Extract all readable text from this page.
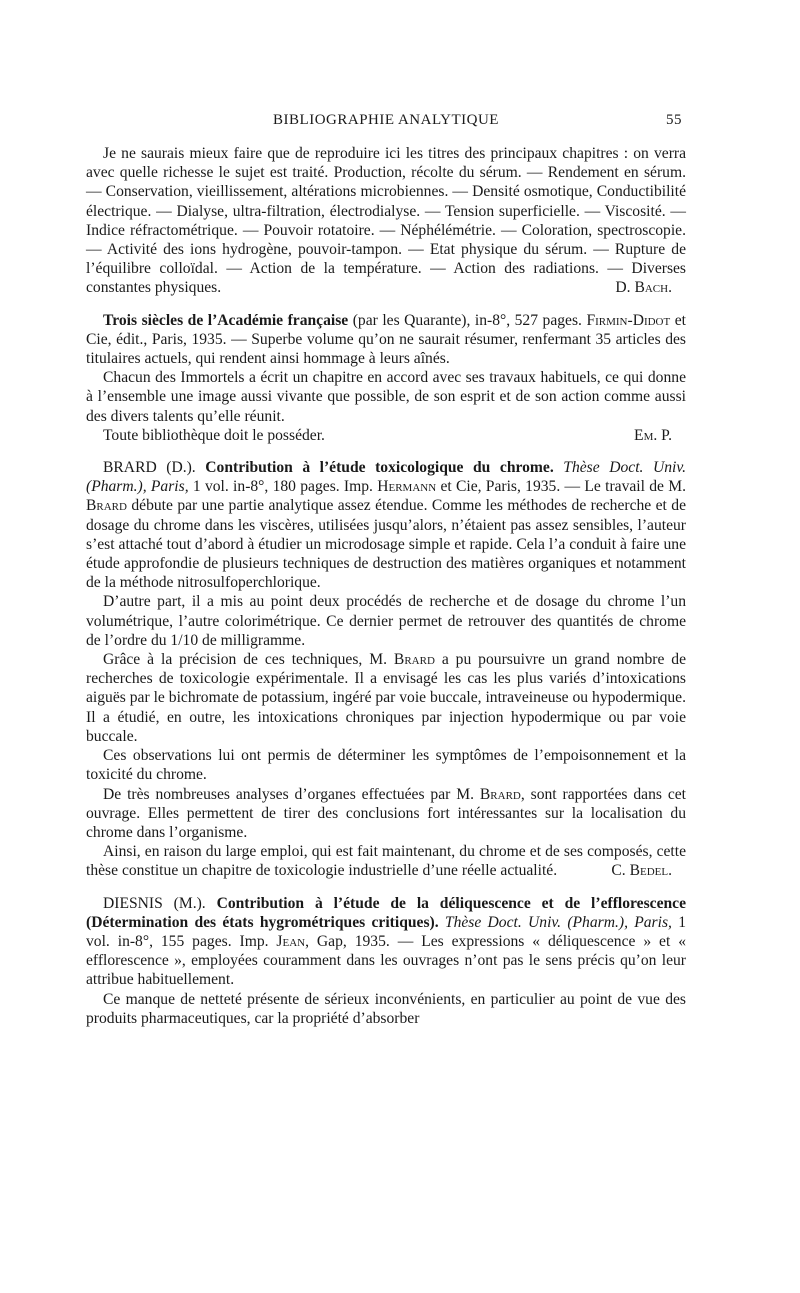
BIBLIOGRAPHIE ANALYTIQUE	55

Je ne saurais mieux faire que de reproduire ici les titres des principaux chapitres : on verra avec quelle richesse le sujet est traité. Production, récolte du sérum. — Rendement en sérum. — Conservation, vieillissement, altérations microbiennes. — Densité osmotique, Conductibilité électrique. — Dialyse, ultra-filtration, électrodialyse. — Tension superficielle. — Viscosité. — Indice réfractométrique. — Pouvoir rotatoire. — Néphélémétrie. — Coloration, spectroscopie. — Activité des ions hydrogène, pouvoir-tampon. — Etat physique du sérum. — Rupture de l’équilibre colloïdal. — Action de la température. — Action des radiations. — Diverses constantes physiques.	D. Bach.

Trois siècles de l’Académie française (par les Quarante), in-8°, 527 pages. Firmin-Didot et Cie, édit., Paris, 1935. — Superbe volume qu’on ne saurait résumer, renfermant 35 articles des titulaires actuels, qui rendent ainsi hommage à leurs aînés.

Chacun des Immortels a écrit un chapitre en accord avec ses travaux habituels, ce qui donne à l’ensemble une image aussi vivante que possible, de son esprit et de son action comme aussi des divers talents qu’elle réunit.

Toute bibliothèque doit le posséder.	Em. P.

BRARD (D.). Contribution à l’étude toxicologique du chrome. Thèse Doct. Univ. (Pharm.), Paris, 1 vol. in-8°, 180 pages. Imp. Hermann et Cie, Paris, 1935. — Le travail de M. Brard débute par une partie analytique assez étendue. Comme les méthodes de recherche et de dosage du chrome dans les viscères, utilisées jusqu’alors, n’étaient pas assez sensibles, l’auteur s’est attaché tout d’abord à étudier un microdosage simple et rapide. Cela l’a conduit à faire une étude approfondie de plusieurs techniques de destruction des matières organiques et notamment de la méthode nitrosulfoperchlorique.

D’autre part, il a mis au point deux procédés de recherche et de dosage du chrome l’un volumétrique, l’autre colorimétrique. Ce dernier permet de retrouver des quantités de chrome de l’ordre du 1/10 de milligramme.

Grâce à la précision de ces techniques, M. Brard a pu poursuivre un grand nombre de recherches de toxicologie expérimentale. Il a envisagé les cas les plus variés d’intoxications aiguës par le bichromate de potassium, ingéré par voie buccale, intraveineuse ou hypodermique. Il a étudié, en outre, les intoxications chroniques par injection hypodermique ou par voie buccale.

Ces observations lui ont permis de déterminer les symptômes de l’empoisonnement et la toxicité du chrome.

De très nombreuses analyses d’organes effectuées par M. Brard, sont rapportées dans cet ouvrage. Elles permettent de tirer des conclusions fort intéressantes sur la localisation du chrome dans l’organisme.

Ainsi, en raison du large emploi, qui est fait maintenant, du chrome et de ses composés, cette thèse constitue un chapitre de toxicologie industrielle d’une réelle actualité.	C. Bedel.

DIESNIS (M.). Contribution à l’étude de la déliquescence et de l’efflorescence (Détermination des états hygrométriques critiques). Thèse Doct. Univ. (Pharm.), Paris, 1 vol. in-8°, 155 pages. Imp. Jean, Gap, 1935. — Les expressions « déliquescence » et « efflorescence », employées couramment dans les ouvrages n’ont pas le sens précis qu’on leur attribue habituellement.

Ce manque de netteté présente de sérieux inconvénients, en particulier au point de vue des produits pharmaceutiques, car la propriété d’absorber
